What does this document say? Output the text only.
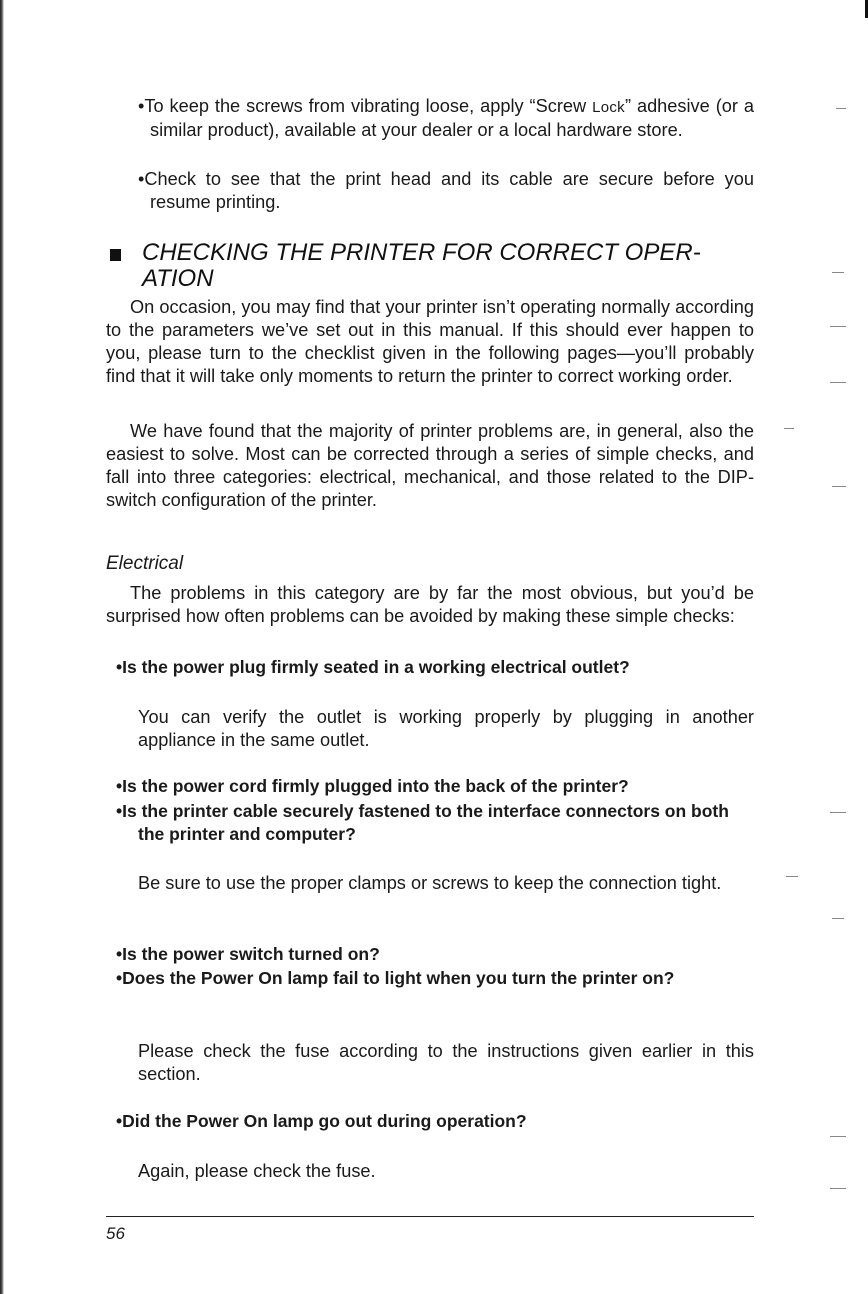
•To keep the screws from vibrating loose, apply “Screw Lock” adhesive (or a similar product), available at your dealer or a local hardware store.

•Check to see that the print head and its cable are secure before you resume printing.

CHECKING THE PRINTER FOR CORRECT OPER- ATION

On occasion, you may find that your printer isn’t operating normally according to the parameters we’ve set out in this manual. If this should ever happen to you, please turn to the checklist given in the following pages—you’ll probably find that it will take only moments to return the printer to correct working order.

We have found that the majority of printer problems are, in general, also the easiest to solve. Most can be corrected through a series of simple checks, and fall into three categories: electrical, mechanical, and those related to the DIP-switch configuration of the printer.

Electrical

The problems in this category are by far the most obvious, but you’d be surprised how often problems can be avoided by making these simple checks:

•Is the power plug firmly seated in a working electrical outlet?

You can verify the outlet is working properly by plugging in another appliance in the same outlet.

•Is the power cord firmly plugged into the back of the printer?

•Is the printer cable securely fastened to the interface connectors on both the printer and computer?

Be sure to use the proper clamps or screws to keep the connection tight.

•Is the power switch turned on?

•Does the Power On lamp fail to light when you turn the printer on?

Please check the fuse according to the instructions given earlier in this section.

•Did the Power On lamp go out during operation?

Again, please check the fuse.

56
